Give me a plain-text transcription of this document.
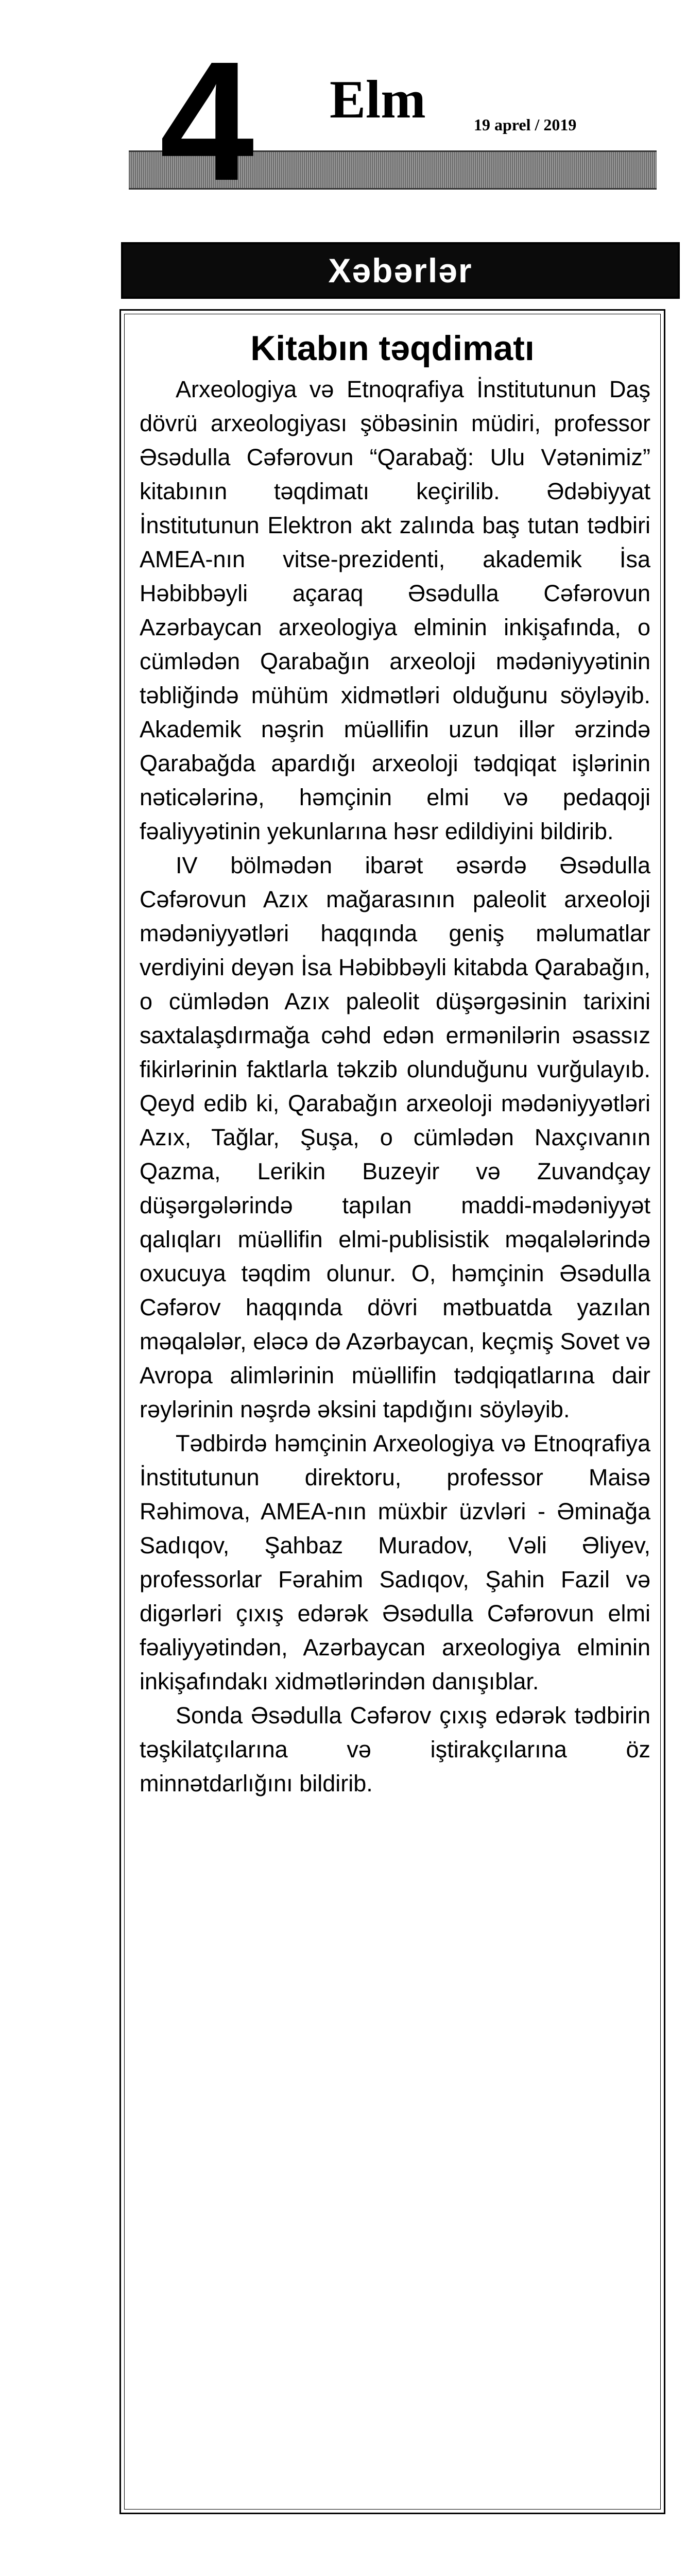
4 Elm	19 aprel / 2019
Xəbərlər
Kitabın təqdimatı

Arxeologiya və Etnoqrafiya İnstitutunun Daş dövrü arxeologiyası şöbəsinin müdiri, professor Əsədulla Cəfərovun “Qarabağ: Ulu Vətənimiz” kitabının təqdimatı keçirilib. Ədəbiyyat İnstitutunun Elektron akt zalında baş tutan tədbiri AMEA-nın vitse-prezidenti, akademik İsa Həbibbəyli açaraq Əsədulla Cəfərovun Azərbaycan arxeologiya elminin inkişafında, o cümlədən Qarabağın arxeoloji mədəniyyətinin təbliğində mühüm xidmətləri olduğunu söyləyib. Akademik nəşrin müəllifin uzun illər ərzində Qarabağda apardığı arxeoloji tədqiqat işlərinin nəticələrinə, həmçinin elmi və pedaqoji fəaliyyətinin yekunlarına həsr edildiyini bildirib.

IV bölmədən ibarət əsərdə Əsədulla Cəfərovun Azıx mağarasının paleolit arxeoloji mədəniyyətləri haqqında geniş məlumatlar verdiyini deyən İsa Həbibbəyli kitabda Qarabağın, o cümlədən Azıx paleolit düşərgəsinin tarixini saxtalaşdırmağa cəhd edən ermənilərin əsassız fikirlərinin faktlarla təkzib olunduğunu vurğulayıb. Qeyd edib ki, Qarabağın arxeoloji mədəniyyətləri Azıx, Tağlar, Şuşa, o cümlədən Naxçıvanın Qazma, Lerikin Buzeyir və Zuvandçay düşərgələrində tapılan maddi-mədəniyyət qalıqları müəllifin elmi-publisistik məqalələrində oxucuya təqdim olunur. O, həmçinin Əsədulla Cəfərov haqqında dövri mətbuatda yazılan məqalələr, eləcə də Azərbaycan, keçmiş Sovet və Avropa alimlərinin müəllifin tədqiqatlarına dair rəylərinin nəşrdə əksini tapdığını söyləyib.

Tədbirdə həmçinin Arxeologiya və Etnoqrafiya İnstitutunun direktoru, professor Maisə Rəhimova, AMEA-nın müxbir üzvləri - Əminağa Sadıqov, Şahbaz Muradov, Vəli Əliyev, professorlar Fərahim Sadıqov, Şahin Fazil və digərləri çıxış edərək Əsədulla Cəfərovun elmi fəaliyyətindən, Azərbaycan arxeologiya elminin inkişafındakı xidmətlərindən danışıblar.

Sonda Əsədulla Cəfərov çıxış edərək tədbirin təşkilatçılarına və iştirakçılarına öz minnətdarlığını bildirib.
